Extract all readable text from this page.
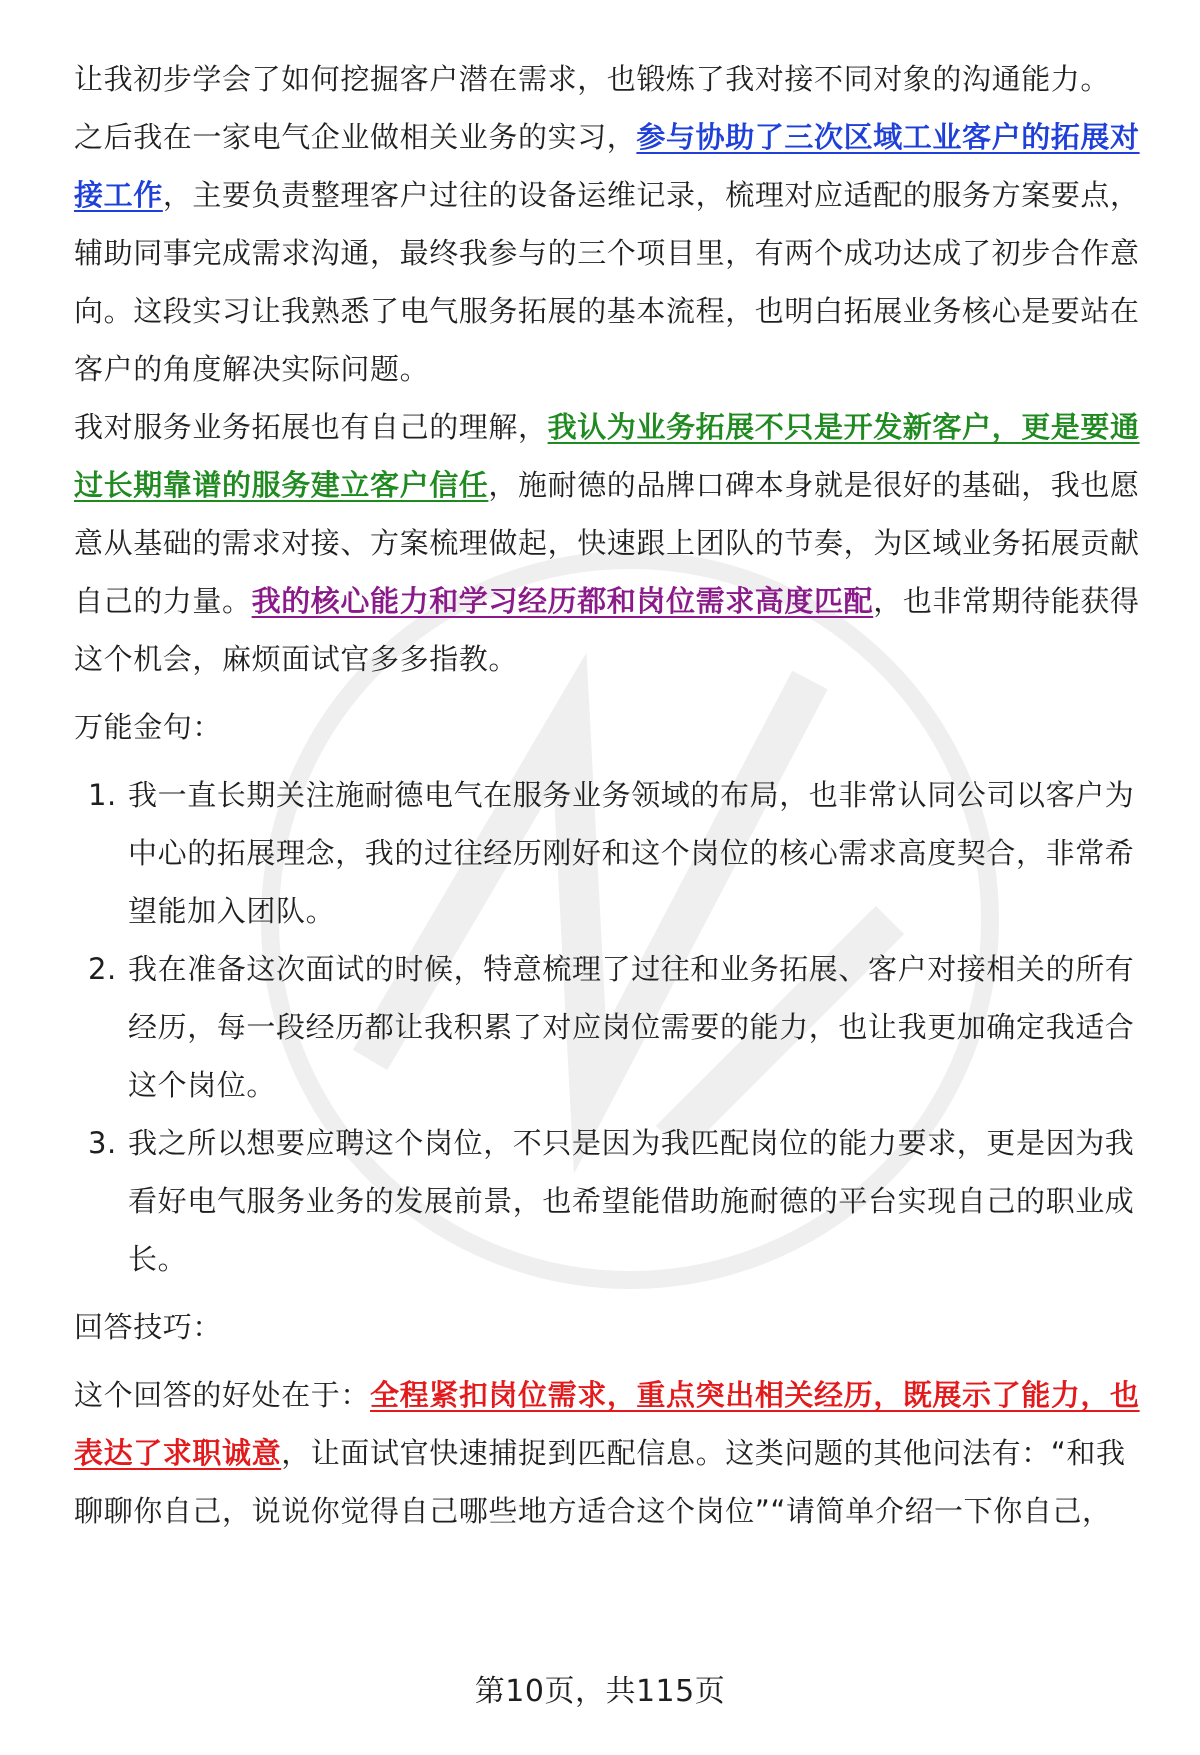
让我初步学会了如何挖掘客户潜在需求，也锻炼了我对接不同对象的沟通能力。

之后我在一家电气企业做相关业务的实习，参与协助了三次区域工业客户的拓展对接工作，主要负责整理客户过往的设备运维记录，梳理对应适配的服务方案要点，辅助同事完成需求沟通，最终我参与的三个项目里，有两个成功达成了初步合作意向。这段实习让我熟悉了电气服务拓展的基本流程，也明白拓展业务核心是要站在客户的角度解决实际问题。

我对服务业务拓展也有自己的理解，我认为业务拓展不只是开发新客户，更是要通过长期靠谱的服务建立客户信任，施耐德的品牌口碑本身就是很好的基础，我也愿意从基础的需求对接、方案梳理做起，快速跟上团队的节奏，为区域业务拓展贡献自己的力量。我的核心能力和学习经历都和岗位需求高度匹配，也非常期待能获得这个机会，麻烦面试官多多指教。

万能金句：

1. 我一直长期关注施耐德电气在服务业务领域的布局，也非常认同公司以客户为中心的拓展理念，我的过往经历刚好和这个岗位的核心需求高度契合，非常希望能加入团队。
2. 我在准备这次面试的时候，特意梳理了过往和业务拓展、客户对接相关的所有经历，每一段经历都让我积累了对应岗位需要的能力，也让我更加确定我适合这个岗位。
3. 我之所以想要应聘这个岗位，不只是因为我匹配岗位的能力要求，更是因为我看好电气服务业务的发展前景，也希望能借助施耐德的平台实现自己的职业成长。

回答技巧：

这个回答的好处在于：全程紧扣岗位需求，重点突出相关经历，既展示了能力，也表达了求职诚意，让面试官快速捕捉到匹配信息。这类问题的其他问法有：“和我聊聊你自己，说说你觉得自己哪些地方适合这个岗位”“请简单介绍一下你自己，

第10页，共115页
